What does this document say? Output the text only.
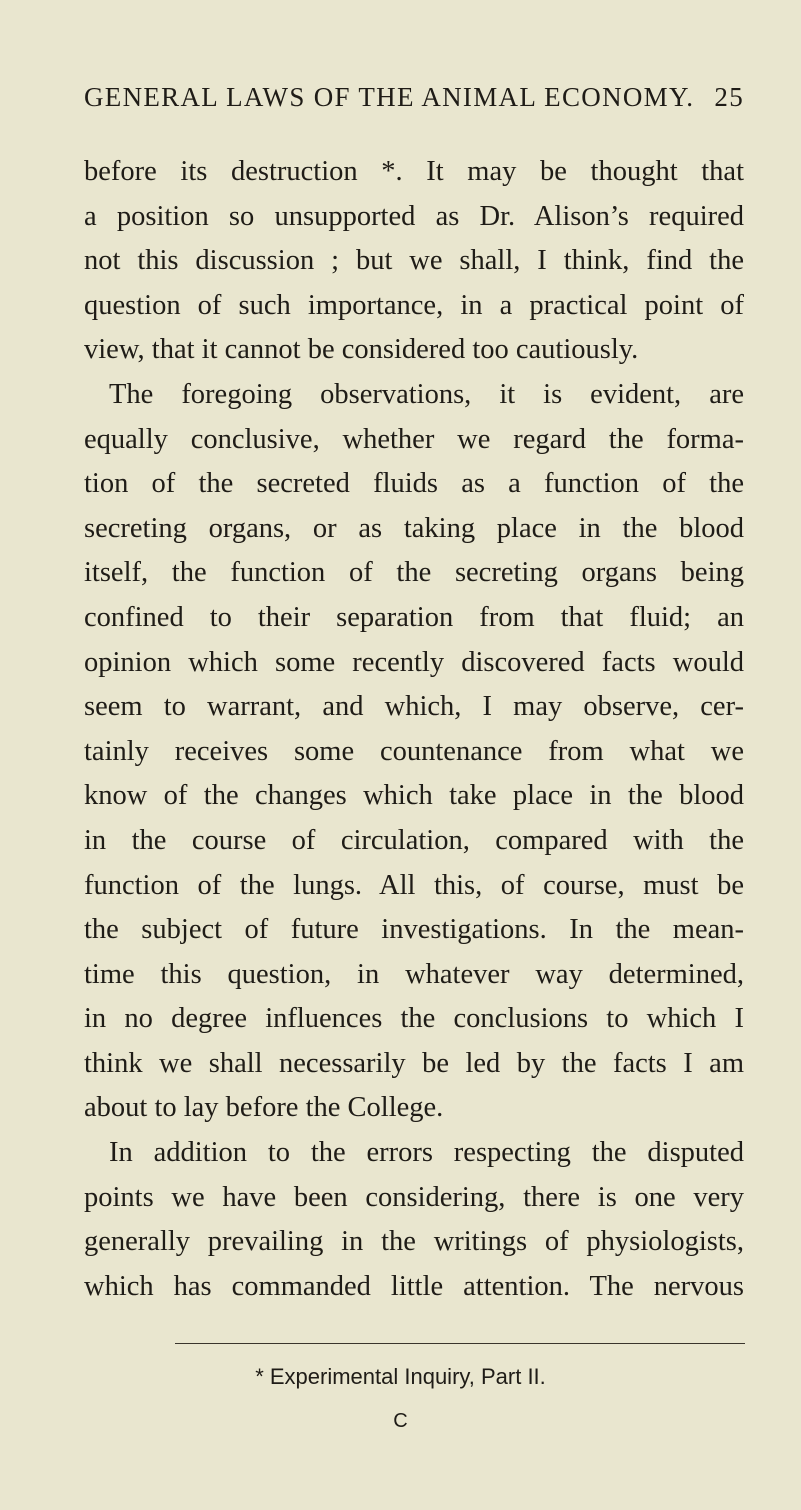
GENERAL LAWS OF THE ANIMAL ECONOMY. 25
before its destruction *. It may be thought that
a position so unsupported as Dr. Alison’s required
not this discussion ; but we shall, I think, find the
question of such importance, in a practical point of
view, that it cannot be considered too cautiously.
The foregoing observations, it is evident, are
equally conclusive, whether we regard the forma-
tion of the secreted fluids as a function of the
secreting organs, or as taking place in the blood
itself, the function of the secreting organs being
confined to their separation from that fluid; an
opinion which some recently discovered facts would
seem to warrant, and which, I may observe, cer-
tainly receives some countenance from what we
know of the changes which take place in the blood
in the course of circulation, compared with the
function of the lungs. All this, of course, must be
the subject of future investigations. In the mean-
time this question, in whatever way determined,
in no degree influences the conclusions to which I
think we shall necessarily be led by the facts I am
about to lay before the College.
In addition to the errors respecting the disputed
points we have been considering, there is one very
generally prevailing in the writings of physiologists,
which has commanded little attention. The nervous
* Experimental Inquiry, Part II.
C
